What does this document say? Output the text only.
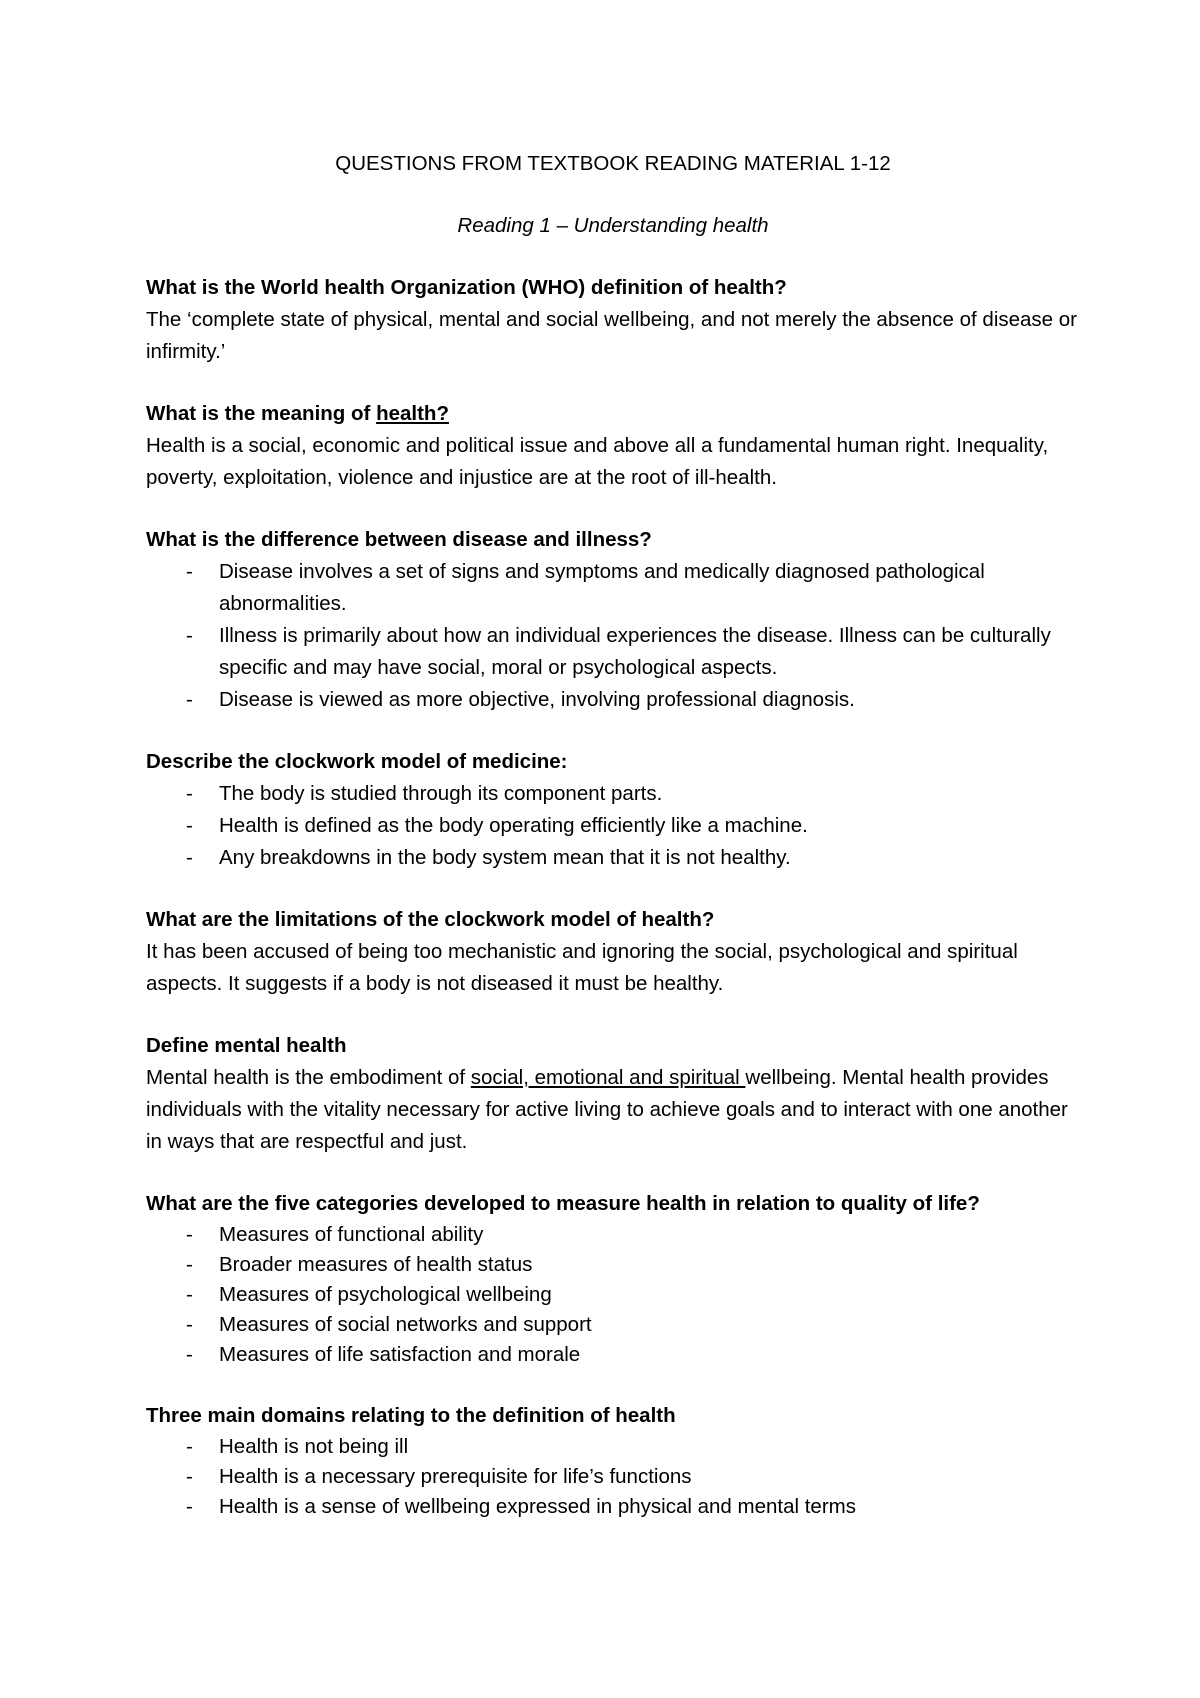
QUESTIONS FROM TEXTBOOK READING MATERIAL 1-12

Reading 1 – Understanding health

What is the World health Organization (WHO) definition of health?

The ‘complete state of physical, mental and social wellbeing, and not merely the absence of disease or infirmity.’

What is the meaning of health?

Health is a social, economic and political issue and above all a fundamental human right. Inequality, poverty, exploitation, violence and injustice are at the root of ill-health.

What is the difference between disease and illness?

- Disease involves a set of signs and symptoms and medically diagnosed pathological abnormalities.
- Illness is primarily about how an individual experiences the disease. Illness can be culturally specific and may have social, moral or psychological aspects.
- Disease is viewed as more objective, involving professional diagnosis.

Describe the clockwork model of medicine:

- The body is studied through its component parts.
- Health is defined as the body operating efficiently like a machine.
- Any breakdowns in the body system mean that it is not healthy.

What are the limitations of the clockwork model of health?

It has been accused of being too mechanistic and ignoring the social, psychological and spiritual aspects. It suggests if a body is not diseased it must be healthy.

Define mental health

Mental health is the embodiment of social, emotional and spiritual wellbeing. Mental health provides individuals with the vitality necessary for active living to achieve goals and to interact with one another in ways that are respectful and just.

What are the five categories developed to measure health in relation to quality of life?

- Measures of functional ability
- Broader measures of health status
- Measures of psychological wellbeing
- Measures of social networks and support
- Measures of life satisfaction and morale

Three main domains relating to the definition of health

- Health is not being ill
- Health is a necessary prerequisite for life’s functions
- Health is a sense of wellbeing expressed in physical and mental terms
